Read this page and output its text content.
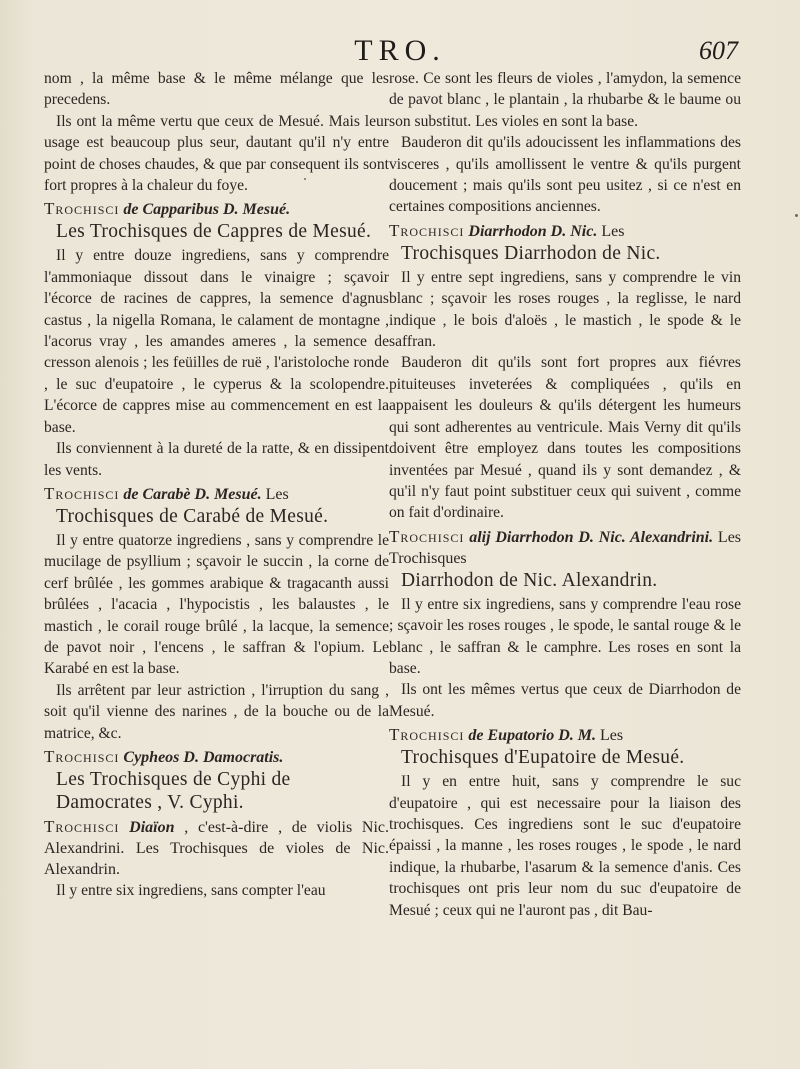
TRO.	607

nom , la même base & le même mélange que les precedens.

Ils ont la même vertu que ceux de Mesué. Mais leur usage est beaucoup plus seur, dautant qu'il n'y entre point de choses chaudes, & que par consequent ils sont fort propres à la chaleur du foye.

Trochisci de Capparibus D. Mesué.

Les Trochisques de Cappres de Mesué.

Il y entre douze ingrediens, sans y comprendre l'ammoniaque dissout dans le vinaigre ; sçavoir l'écorce de racines de cappres, la semence d'agnus castus , la nigella Romana, le calament de montagne , l'acorus vray , les amandes ameres , la semence de cresson alenois ; les feüilles de ruë , l'aristoloche ronde , le suc d'eupatoire , le cyperus & la scolopendre. L'écorce de cappres mise au commencement en est la base.

Ils conviennent à la dureté de la ratte, & en dissipent les vents.

Trochisci de Carabè D. Mesué. Les

Trochisques de Carabé de Mesué.

Il y entre quatorze ingrediens , sans y comprendre le mucilage de psyllium ; sçavoir le succin , la corne de cerf brûlée , les gommes arabique & tragacanth aussi brûlées , l'acacia , l'hypocistis , les balaustes , le mastich , le corail rouge brûlé , la lacque, la semence de pavot noir , l'encens , le saffran & l'opium. Le Karabé en est la base.

Ils arrêtent par leur astriction , l'irruption du sang , soit qu'il vienne des narines , de la bouche ou de la matrice, &c.

Trochisci Cypheos D. Damocratis.

Les Trochisques de Cyphi de Damocrates , V. Cyphi.

Trochisci Diaïon , c'est-à-dire , de violis Nic. Alexandrini. Les Trochisques de violes de Nic. Alexandrin.

Il y entre six ingrediens, sans compter l'eau

rose. Ce sont les fleurs de violes , l'amydon, la semence de pavot blanc , le plantain , la rhubarbe & le baume ou son substitut. Les violes en sont la base.

Bauderon dit qu'ils adoucissent les inflammations des visceres , qu'ils amollissent le ventre & qu'ils purgent doucement ; mais qu'ils sont peu usitez , si ce n'est en certaines compositions anciennes.

Trochisci Diarrhodon D. Nic. Les

Trochisques Diarrhodon de Nic.

Il y entre sept ingrediens, sans y comprendre le vin blanc ; sçavoir les roses rouges , la reglisse, le nard indique , le bois d'aloës , le mastich , le spode & le saffran.

Bauderon dit qu'ils sont fort propres aux fiévres pituiteuses inveterées & compliquées , qu'ils en appaisent les douleurs & qu'ils détergent les humeurs qui sont adherentes au ventricule. Mais Verny dit qu'ils doivent être employez dans toutes les compositions inventées par Mesué , quand ils y sont demandez , & qu'il n'y faut point substituer ceux qui suivent , comme on fait d'ordinaire.

Trochisci alij Diarrhodon D. Nic. Alexandrini. Les Trochisques

Diarrhodon de Nic. Alexandrin.

Il y entre six ingrediens, sans y comprendre l'eau rose ; sçavoir les roses rouges , le spode, le santal rouge & le blanc , le saffran & le camphre. Les roses en sont la base.

Ils ont les mêmes vertus que ceux de Diarrhodon de Mesué.

Trochisci de Eupatorio D. M. Les

Trochisques d'Eupatoire de Mesué.

Il y en entre huit, sans y comprendre le suc d'eupatoire , qui est necessaire pour la liaison des trochisques. Ces ingrediens sont le suc d'eupatoire épaissi , la manne , les roses rouges , le spode , le nard indique, la rhubarbe, l'asarum & la semence d'anis. Ces trochisques ont pris leur nom du suc d'eupatoire de Mesué ; ceux qui ne l'auront pas , dit Bau-
